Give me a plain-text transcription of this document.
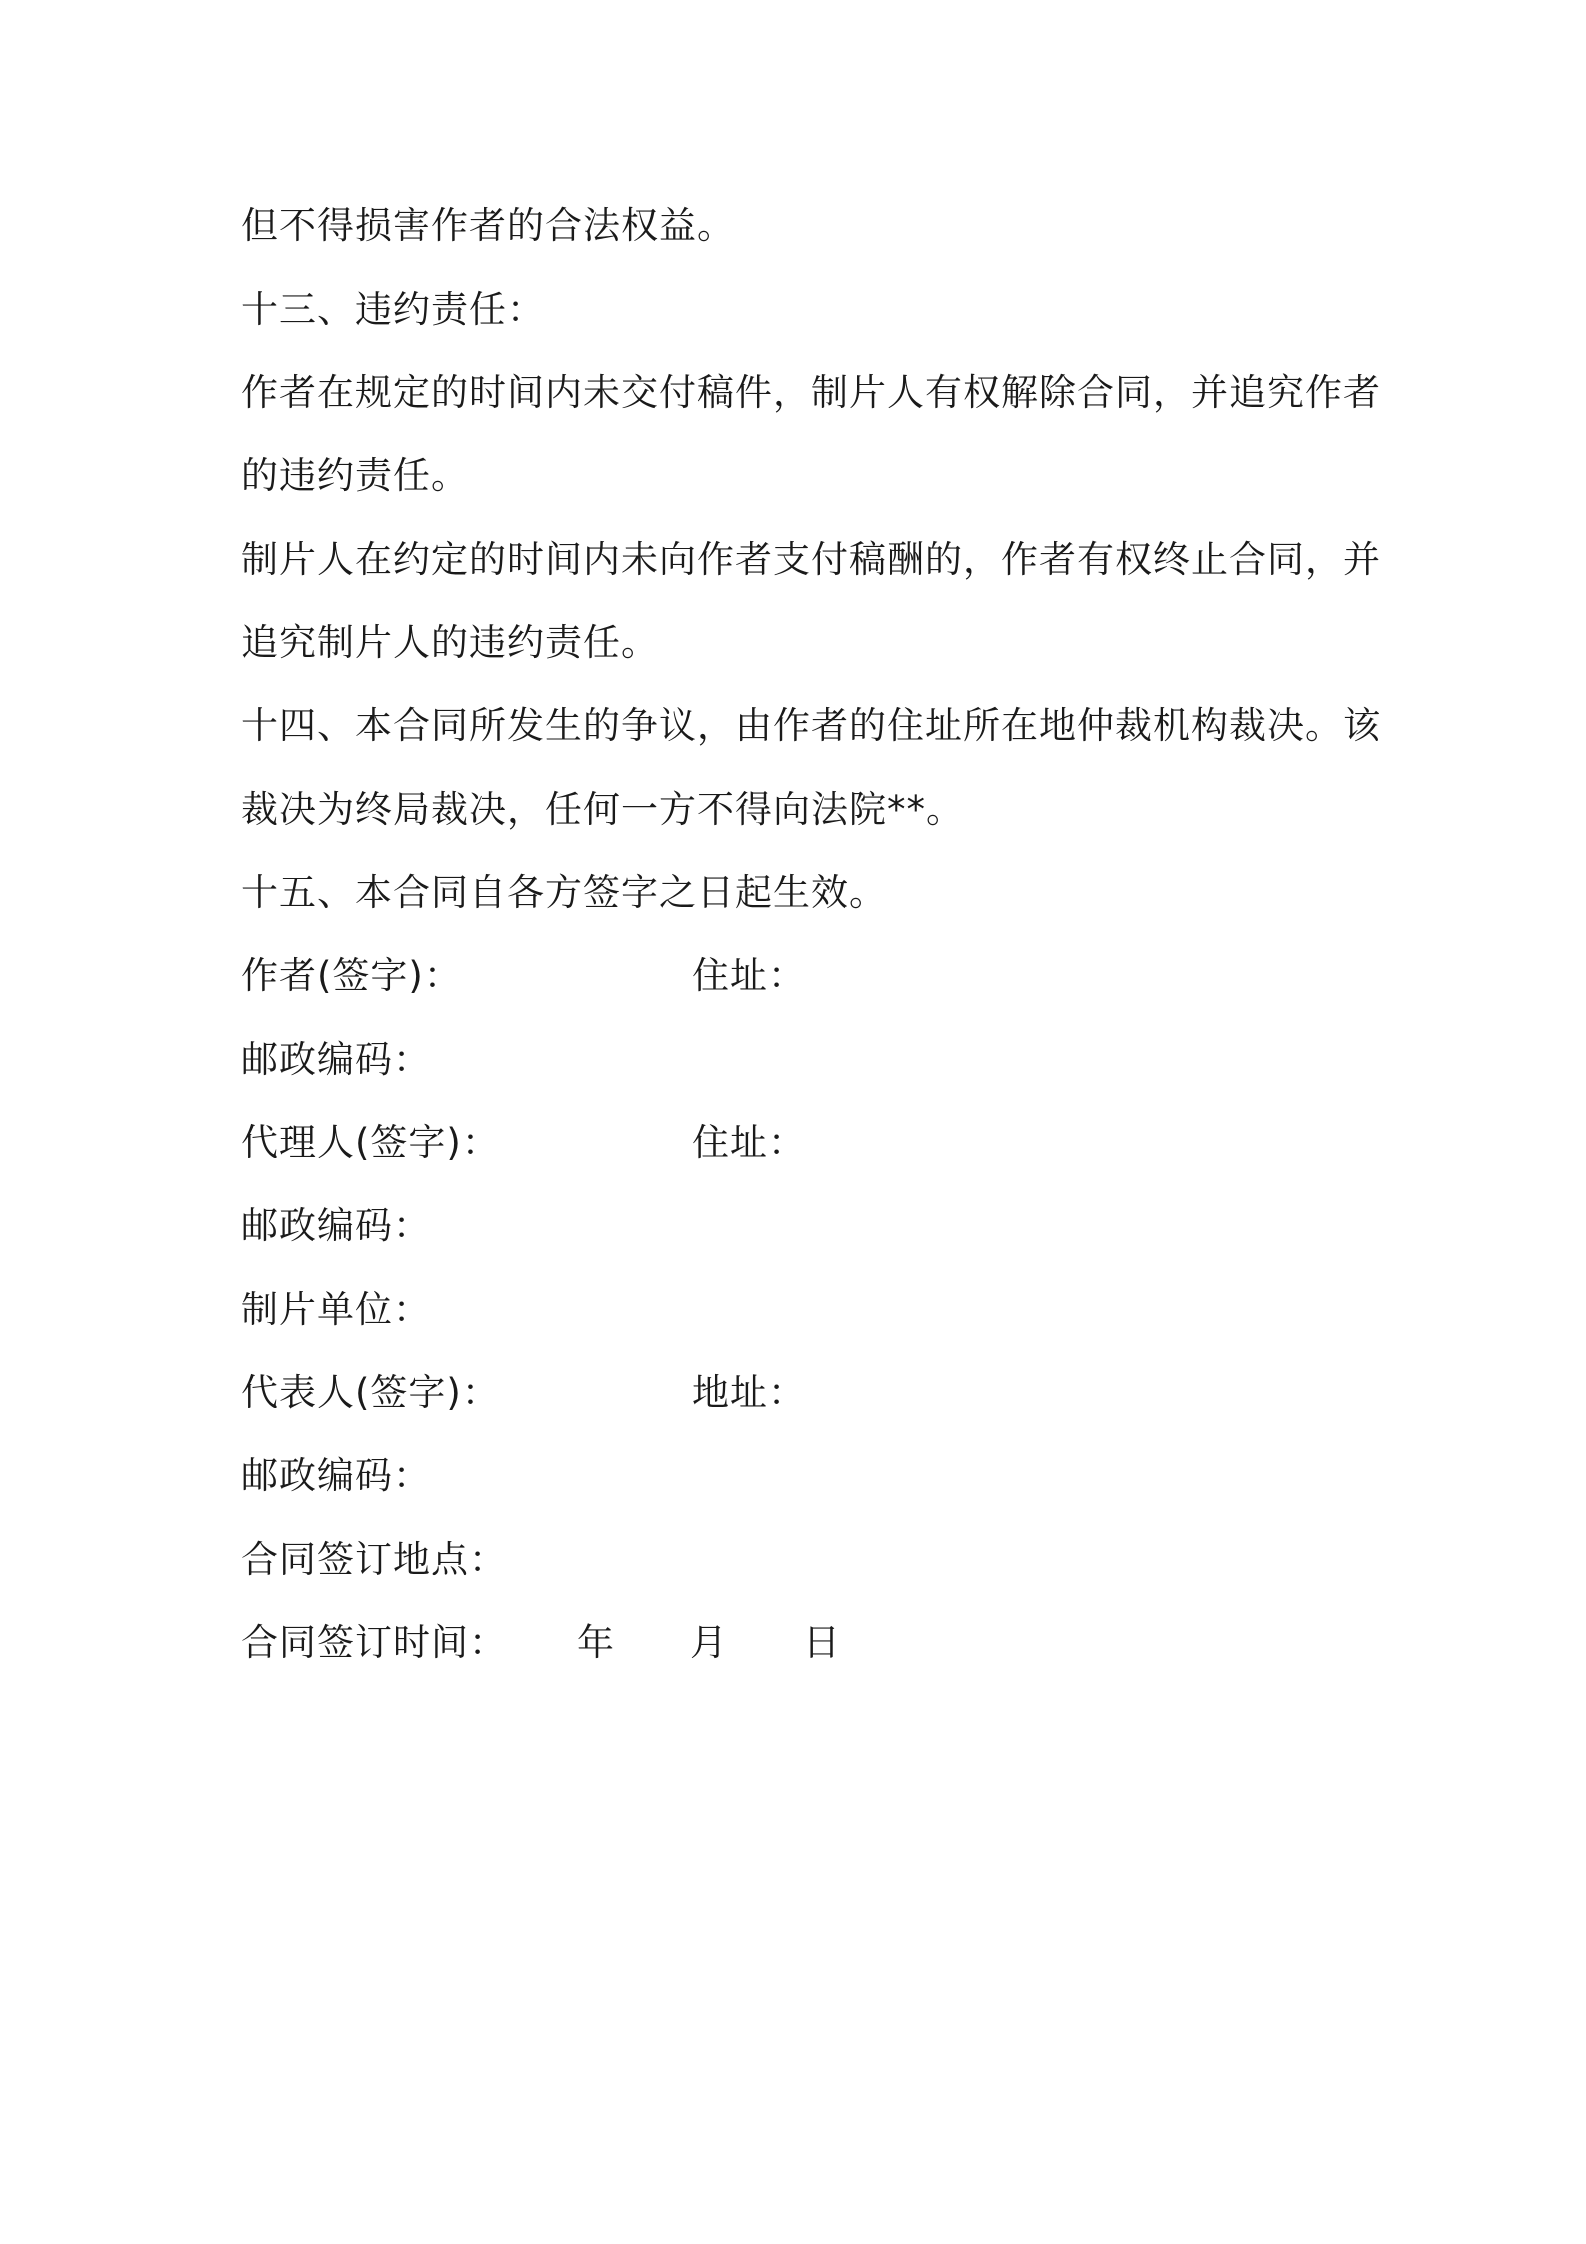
但不得损害作者的合法权益。
十三、违约责任：
作者在规定的时间内未交付稿件，制片人有权解除合同，并追究作者
的违约责任。
制片人在约定的时间内未向作者支付稿酬的，作者有权终止合同，并
追究制片人的违约责任。
十四、本合同所发生的争议，由作者的住址所在地仲裁机构裁决。该
裁决为终局裁决，任何一方不得向法院**。
十五、本合同自各方签字之日起生效。
作者(签字)：	住址：
邮政编码：
代理人(签字)：	住址：
邮政编码：
制片单位：
代表人(签字)：	地址：
邮政编码：
合同签订地点：
合同签订时间： 年 月 日
